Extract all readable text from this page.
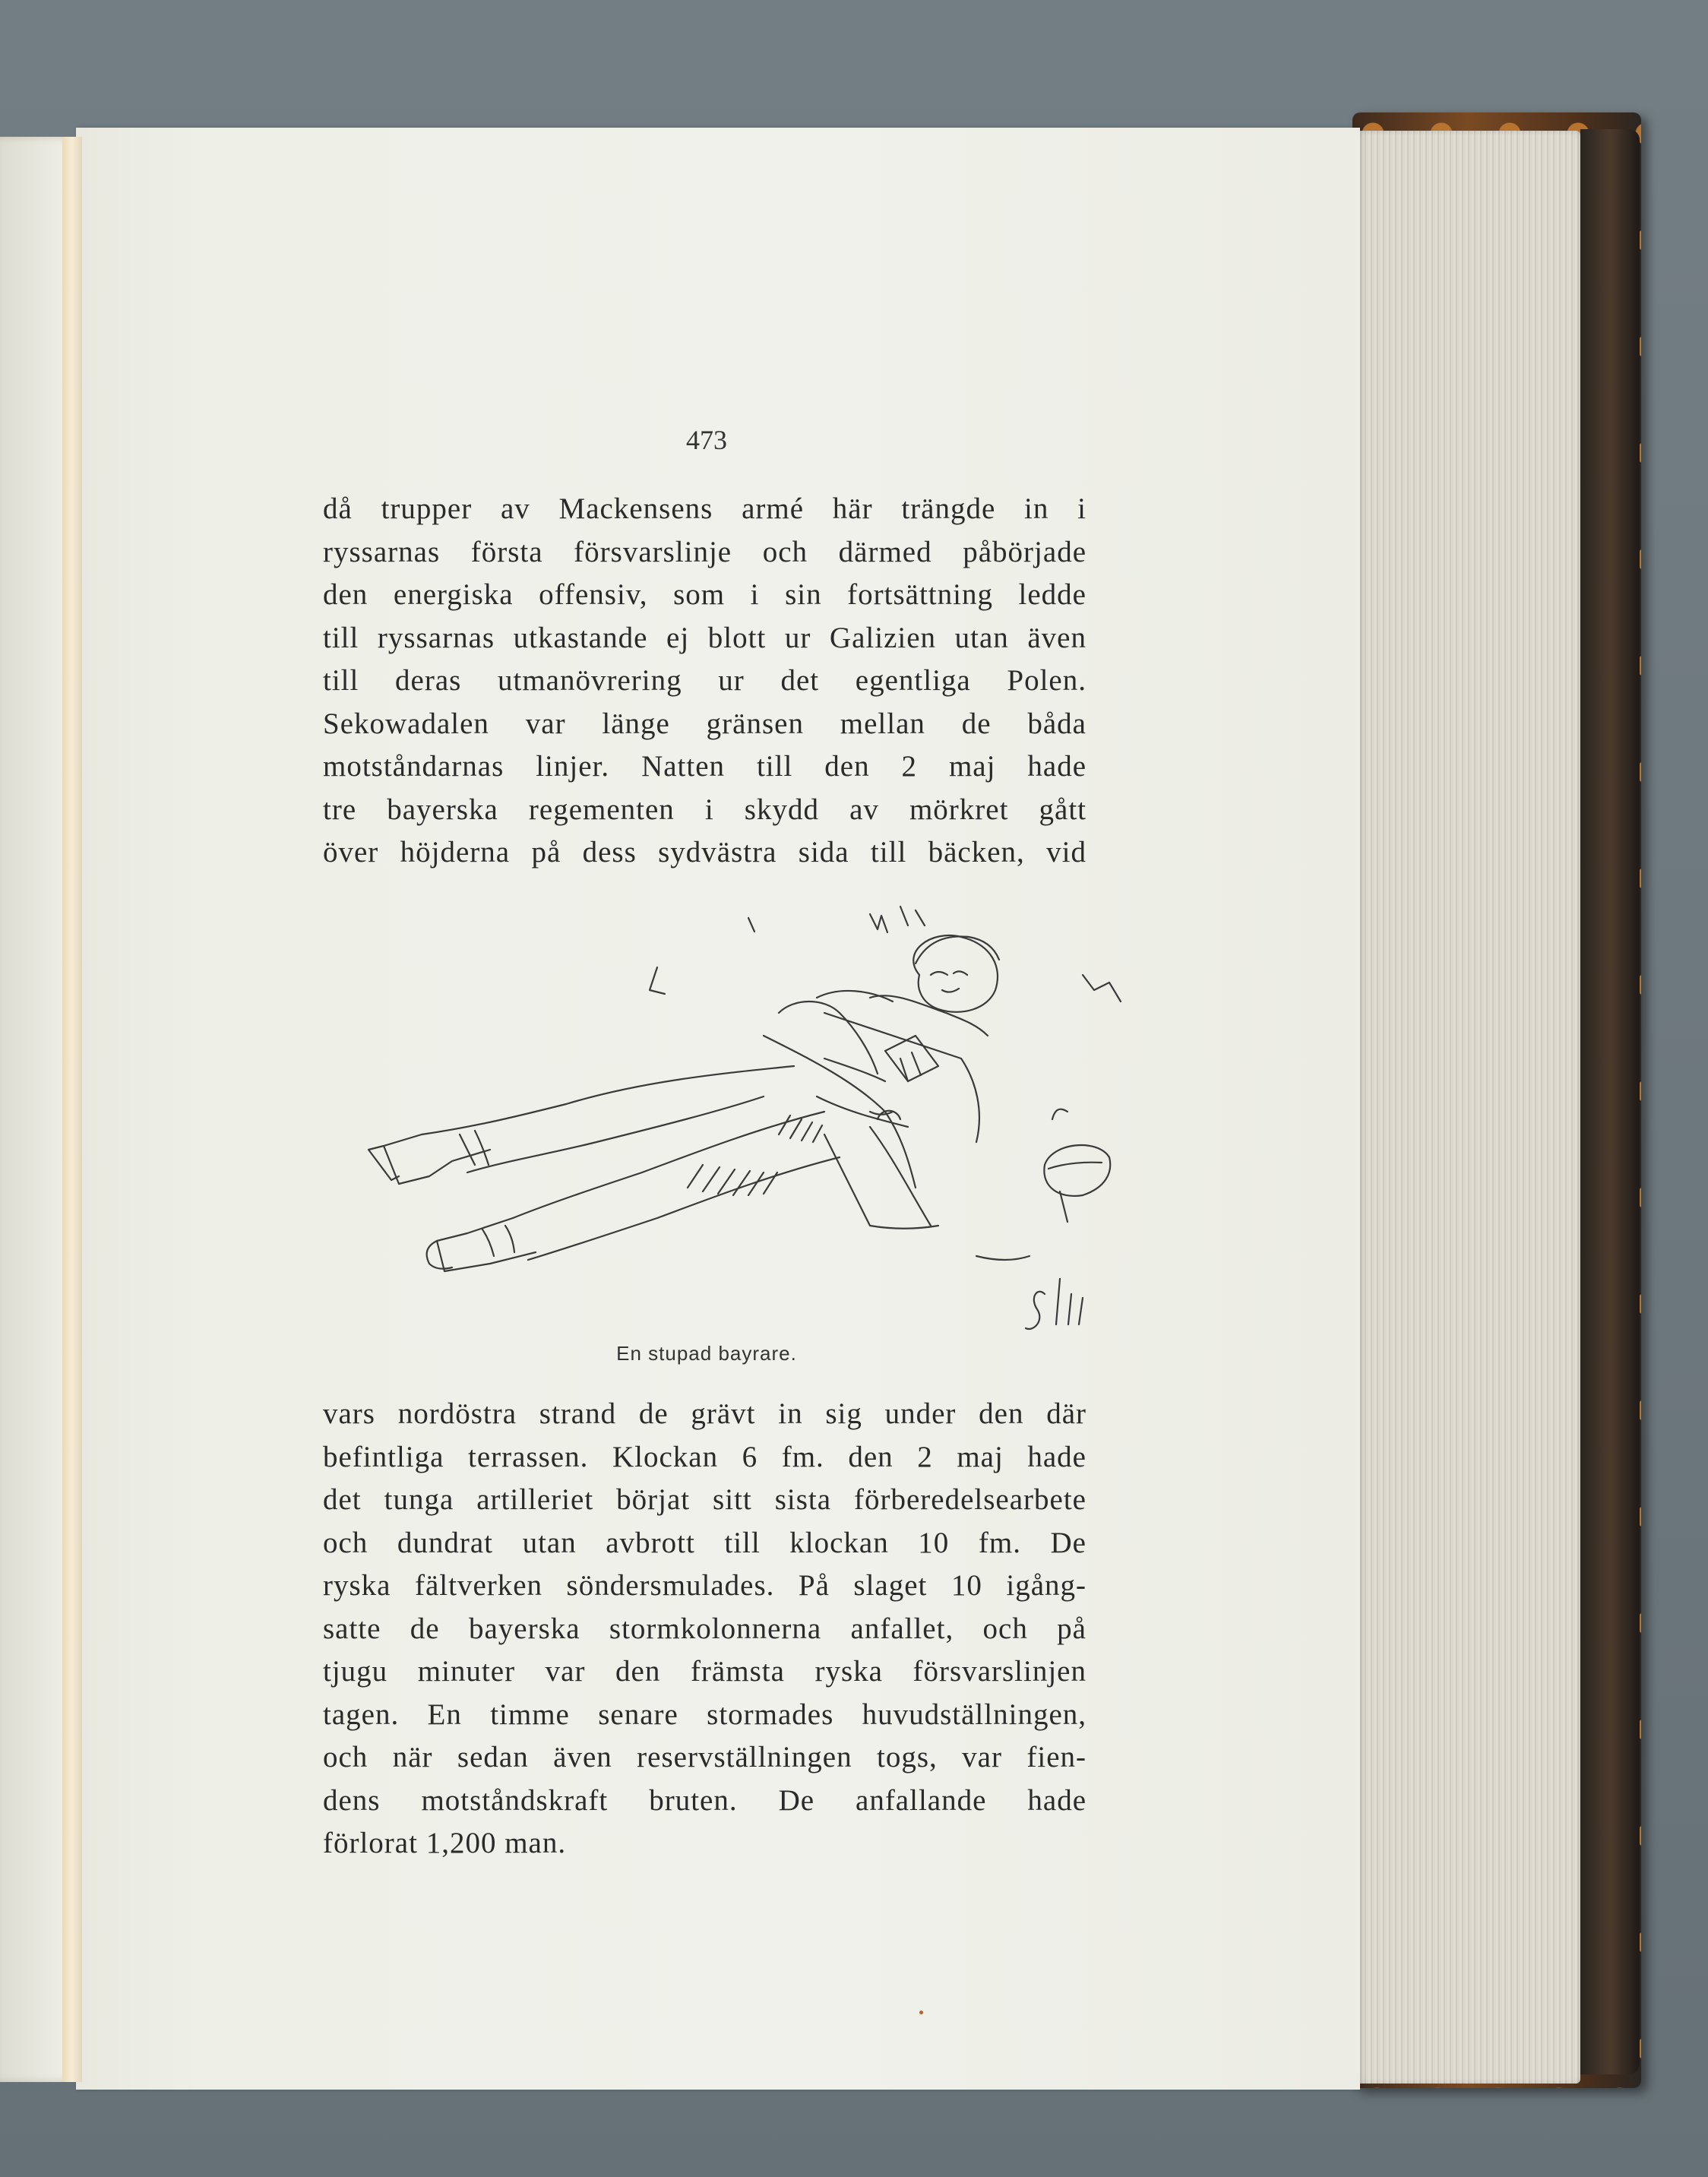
473
då trupper av Mackensens armé här trängde in i
ryssarnas första försvarslinje och därmed påbörjade
den energiska offensiv, som i sin fortsättning ledde
till ryssarnas utkastande ej blott ur Galizien utan även
till deras utmanövrering ur det egentliga Polen.
Sekowadalen var länge gränsen mellan de båda
motståndarnas linjer. Natten till den 2 maj hade
tre bayerska regementen i skydd av mörkret gått
över höjderna på dess sydvästra sida till bäcken, vid
En stupad bayrare.
vars nordöstra strand de grävt in sig under den där
befintliga terrassen. Klockan 6 fm. den 2 maj hade
det tunga artilleriet börjat sitt sista förberedelsearbete
och dundrat utan avbrott till klockan 10 fm. De
ryska fältverken söndersmulades. På slaget 10 igång-
satte de bayerska stormkolonnerna anfallet, och på
tjugu minuter var den främsta ryska försvarslinjen
tagen. En timme senare stormades huvudställningen,
och när sedan även reservställningen togs, var fien-
dens motståndskraft bruten. De anfallande hade
förlorat 1,200 man.
